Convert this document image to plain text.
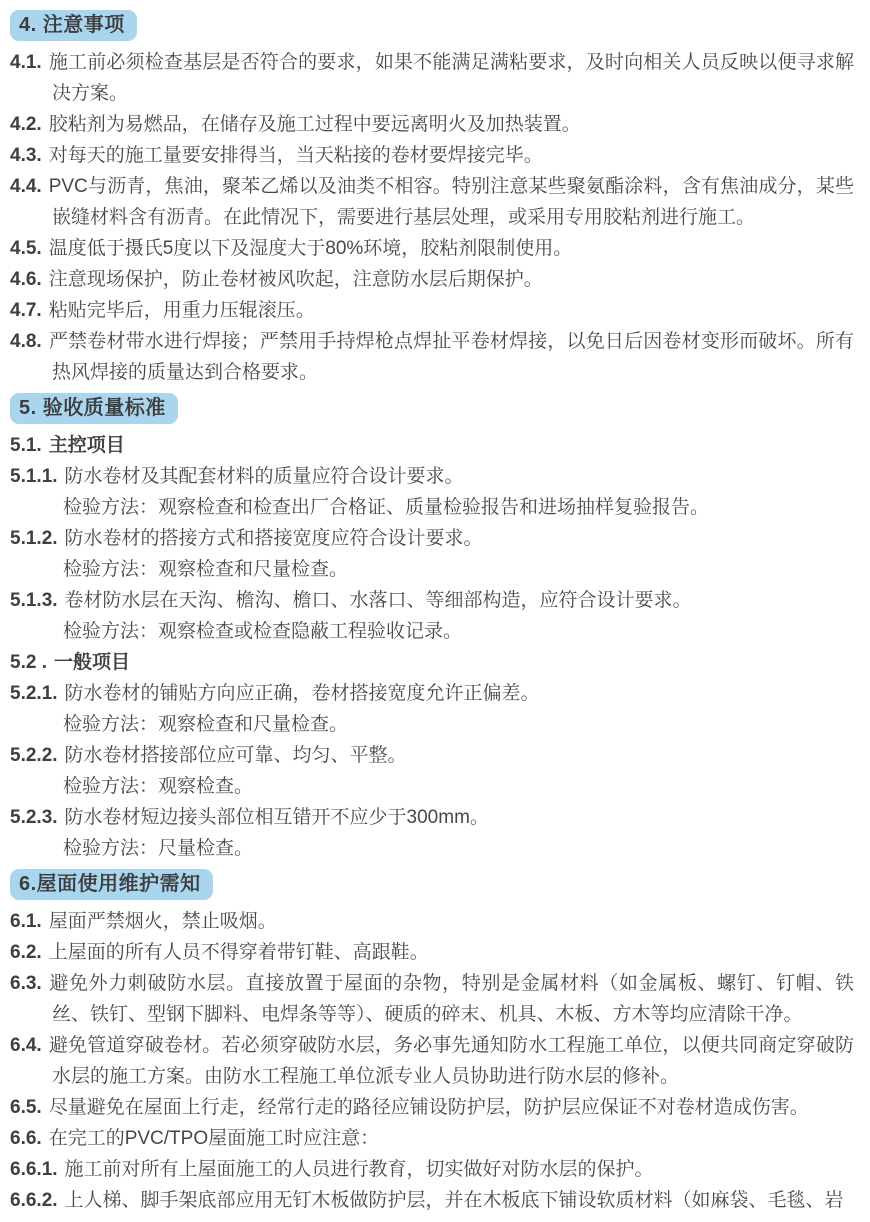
4. 注意事项

4.1. 施工前必须检查基层是否符合的要求，如果不能满足满粘要求，及时向相关人员反映以便寻求解决方案。

4.2. 胶粘剂为易燃品，在储存及施工过程中要远离明火及加热装置。

4.3. 对每天的施工量要安排得当，当天粘接的卷材要焊接完毕。

4.4. PVC与沥青，焦油，聚苯乙烯以及油类不相容。特别注意某些聚氨酯涂料，含有焦油成分，某些嵌缝材料含有沥青。在此情况下，需要进行基层处理，或采用专用胶粘剂进行施工。

4.5. 温度低于摄氏5度以下及湿度大于80%环境，胶粘剂限制使用。

4.6. 注意现场保护，防止卷材被风吹起，注意防水层后期保护。

4.7. 粘贴完毕后，用重力压辊滚压。

4.8. 严禁卷材带水进行焊接；严禁用手持焊枪点焊扯平卷材焊接，以免日后因卷材变形而破坏。所有热风焊接的质量达到合格要求。

5. 验收质量标准

5.1. 主控项目

5.1.1. 防水卷材及其配套材料的质量应符合设计要求。

检验方法：观察检查和检查出厂合格证、质量检验报告和进场抽样复验报告。

5.1.2. 防水卷材的搭接方式和搭接宽度应符合设计要求。

检验方法：观察检查和尺量检查。

5.1.3. 卷材防水层在天沟、檐沟、檐口、水落口、等细部构造，应符合设计要求。

检验方法：观察检查或检查隐蔽工程验收记录。

5.2 . 一般项目

5.2.1. 防水卷材的铺贴方向应正确，卷材搭接宽度允许正偏差。

检验方法：观察检查和尺量检查。

5.2.2. 防水卷材搭接部位应可靠、均匀、平整。

检验方法：观察检查。

5.2.3. 防水卷材短边接头部位相互错开不应少于300mm。

检验方法：尺量检查。

6.屋面使用维护需知

6.1. 屋面严禁烟火，禁止吸烟。

6.2. 上屋面的所有人员不得穿着带钉鞋、高跟鞋。

6.3. 避免外力刺破防水层。直接放置于屋面的杂物，特别是金属材料（如金属板、螺钉、钉帽、铁丝、铁钉、型钢下脚料、电焊条等等）、硬质的碎末、机具、木板、方木等均应清除干净。

6.4. 避免管道穿破卷材。若必须穿破防水层，务必事先通知防水工程施工单位，以便共同商定穿破防水层的施工方案。由防水工程施工单位派专业人员协助进行防水层的修补。

6.5. 尽量避免在屋面上行走，经常行走的路径应铺设防护层，防护层应保证不对卷材造成伤害。

6.6. 在完工的PVC/TPO屋面施工时应注意：

6.6.1. 施工前对所有上屋面施工的人员进行教育，切实做好对防水层的保护。

6.6.2. 上人梯、脚手架底部应用无钉木板做防护层，并在木板底下铺设软质材料（如麻袋、毛毯、岩
